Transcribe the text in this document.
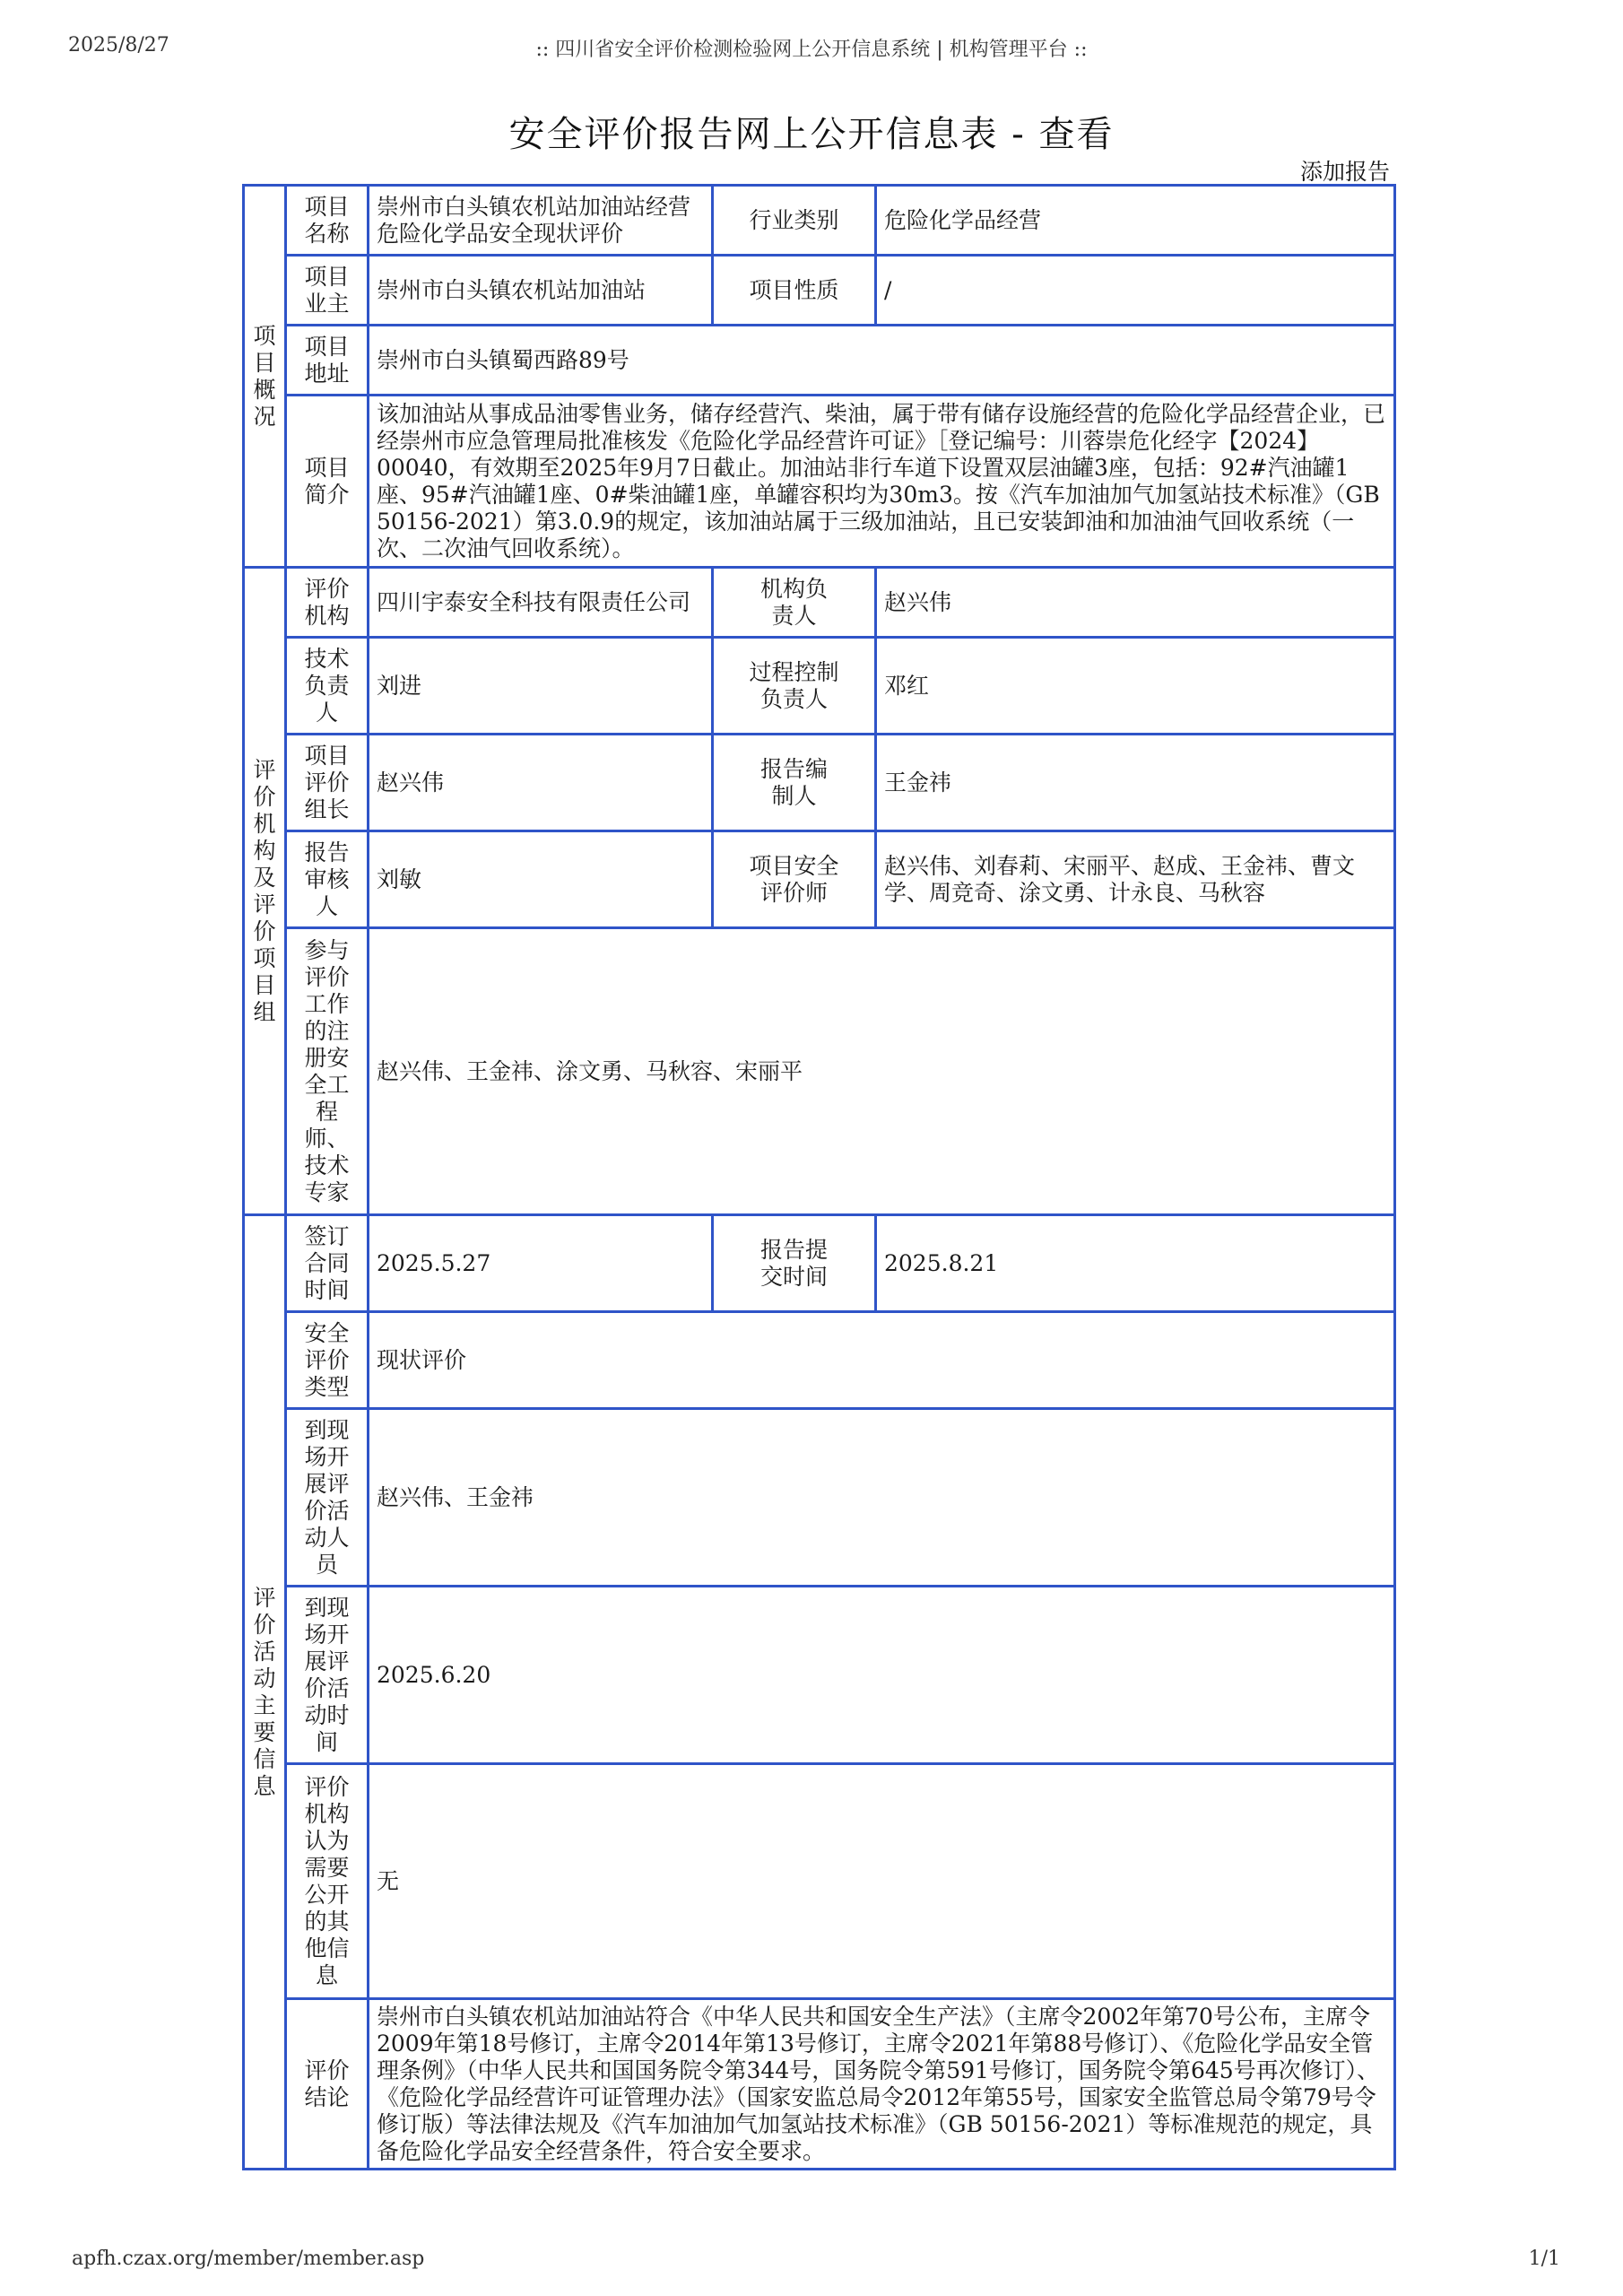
2025/8/27	:: 四川省安全评价检测检验网上公开信息系统 | 机构管理平台 ::
安全评价报告网上公开信息表 - 查看
添加报告
项目概况	项目名称	崇州市白头镇农机站加油站经营危险化学品安全现状评价	行业类别	危险化学品经营
	项目业主	崇州市白头镇农机站加油站	项目性质	/
	项目地址	崇州市白头镇蜀西路89号		
	项目简介	该加油站从事成品油零售业务，储存经营汽、柴油，属于带有储存设施经营的危险化学品经营企业，已经崇州市应急管理局批准核发《危险化学品经营许可证》［登记编号：川蓉崇危化经字【2024】00040，有效期至2025年9月7日截止。加油站非行车道下设置双层油罐3座，包括：92#汽油罐1座、95#汽油罐1座、0#柴油罐1座，单罐容积均为30m3。按《汽车加油加气加氢站技术标准》（GB 50156-2021）第3.0.9的规定，该加油站属于三级加油站，且已安装卸油和加油油气回收系统（一次、二次油气回收系统）。		
评价机构及评价项目组	评价机构	四川宇泰安全科技有限责任公司	机构负责人	赵兴伟
	技术负责人	刘进	过程控制负责人	邓红
	项目评价组长	赵兴伟	报告编制人	王金祎
	报告审核人	刘敏	项目安全评价师	赵兴伟、刘春莉、宋丽平、赵成、王金祎、曹文学、周竞奇、涂文勇、计永良、马秋容
	参与评价工作的注册安全工程师、技术专家	赵兴伟、王金祎、涂文勇、马秋容、宋丽平		
评价活动主要信息	签订合同时间	2025.5.27	报告提交时间	2025.8.21
	安全评价类型	现状评价		
	到现场开展评价活动人员	赵兴伟、王金祎		
	到现场开展评价活动时间	2025.6.20		
	评价机构认为需要公开的其他信息	无		
	评价结论	崇州市白头镇农机站加油站符合《中华人民共和国安全生产法》（主席令2002年第70号公布，主席令2009年第18号修订，主席令2014年第13号修订，主席令2021年第88号修订）、《危险化学品安全管理条例》（中华人民共和国国务院令第344号，国务院令第591号修订，国务院令第645号再次修订）、《危险化学品经营许可证管理办法》（国家安监总局令2012年第55号，国家安全监管总局令第79号令修订版）等法律法规及《汽车加油加气加氢站技术标准》（GB 50156-2021）等标准规范的规定，具备危险化学品安全经营条件，符合安全要求。		
apfh.czax.org/member/member.asp	1/1
